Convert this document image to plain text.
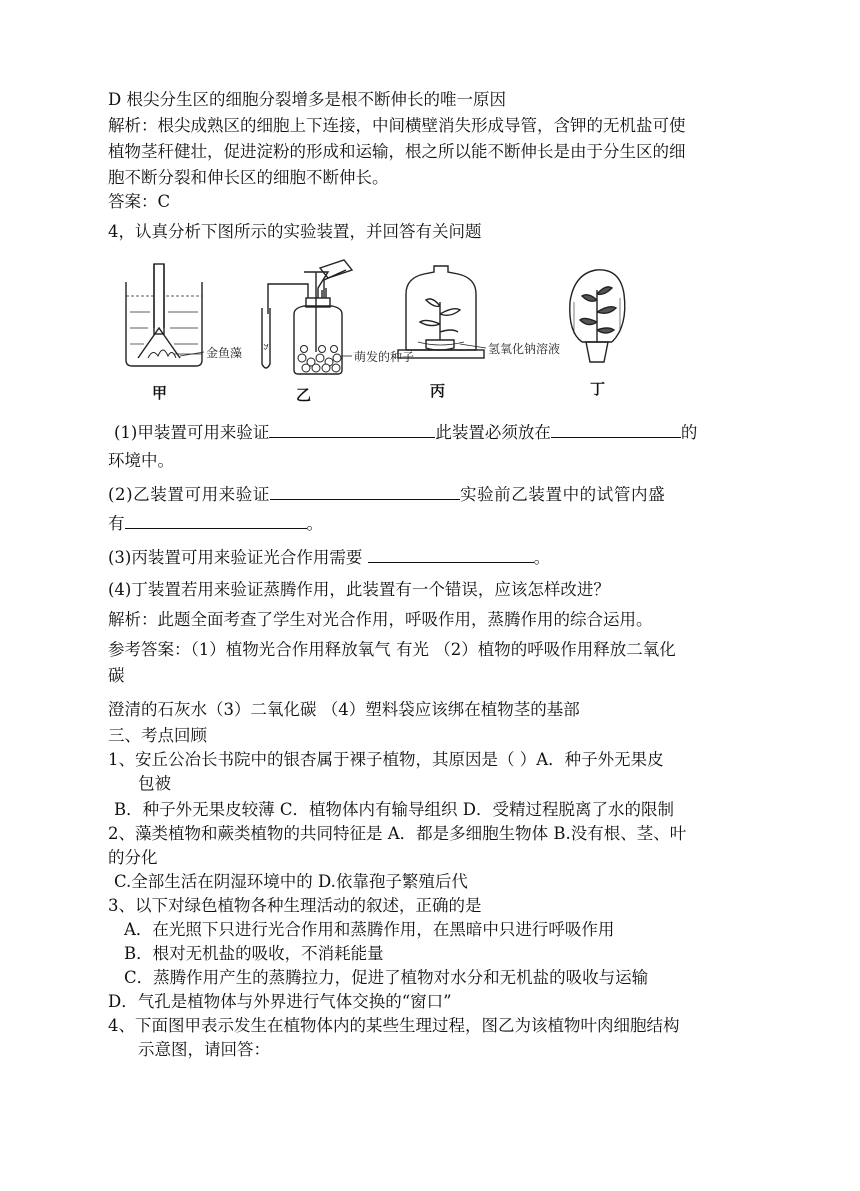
D 根尖分生区的细胞分裂增多是根不断伸长的唯一原因
解析：根尖成熟区的细胞上下连接，中间横壁消失形成导管，含钾的无机盐可使
植物茎秆健壮，促进淀粉的形成和运输，根之所以能不断伸长是由于分生区的细
胞不断分裂和伸长区的细胞不断伸长。
答案：C
4，认真分析下图所示的实验装置，并回答有关问题
金鱼藻	萌发的种子
氢氧化钠溶液
甲	乙	丙	丁
(1)甲装置可用来验证	此装置必须放在	的
环境中。
(2)乙装置可用来验证	实验前乙装置中的试管内盛
有	。
(3)丙装置可用来验证光合作用需要	。
(4)丁装置若用来验证蒸腾作用，此装置有一个错误，应该怎样改进？
解析：此题全面考查了学生对光合作用，呼吸作用，蒸腾作用的综合运用。
参考答案：（1）植物光合作用释放氧气 有光 （2）植物的呼吸作用释放二氧化
碳
澄清的石灰水（3）二氧化碳 （4）塑料袋应该绑在植物茎的基部
三、考点回顾
1、安丘公冶长书院中的银杏属于裸子植物，其原因是（ ）A．种子外无果皮
包被
B．种子外无果皮较薄 C．植物体内有输导组织 D．受精过程脱离了水的限制
2、藻类植物和蕨类植物的共同特征是 A．都是多细胞生物体 B.没有根、茎、叶
的分化
C.全部生活在阴湿环境中的 D.依靠孢子繁殖后代
3、以下对绿色植物各种生理活动的叙述，正确的是
A．在光照下只进行光合作用和蒸腾作用，在黑暗中只进行呼吸作用
B．根对无机盐的吸收，不消耗能量
C．蒸腾作用产生的蒸腾拉力，促进了植物对水分和无机盐的吸收与运输
D．气孔是植物体与外界进行气体交换的“窗口”
4、下面图甲表示发生在植物体内的某些生理过程，图乙为该植物叶肉细胞结构
示意图，请回答：
